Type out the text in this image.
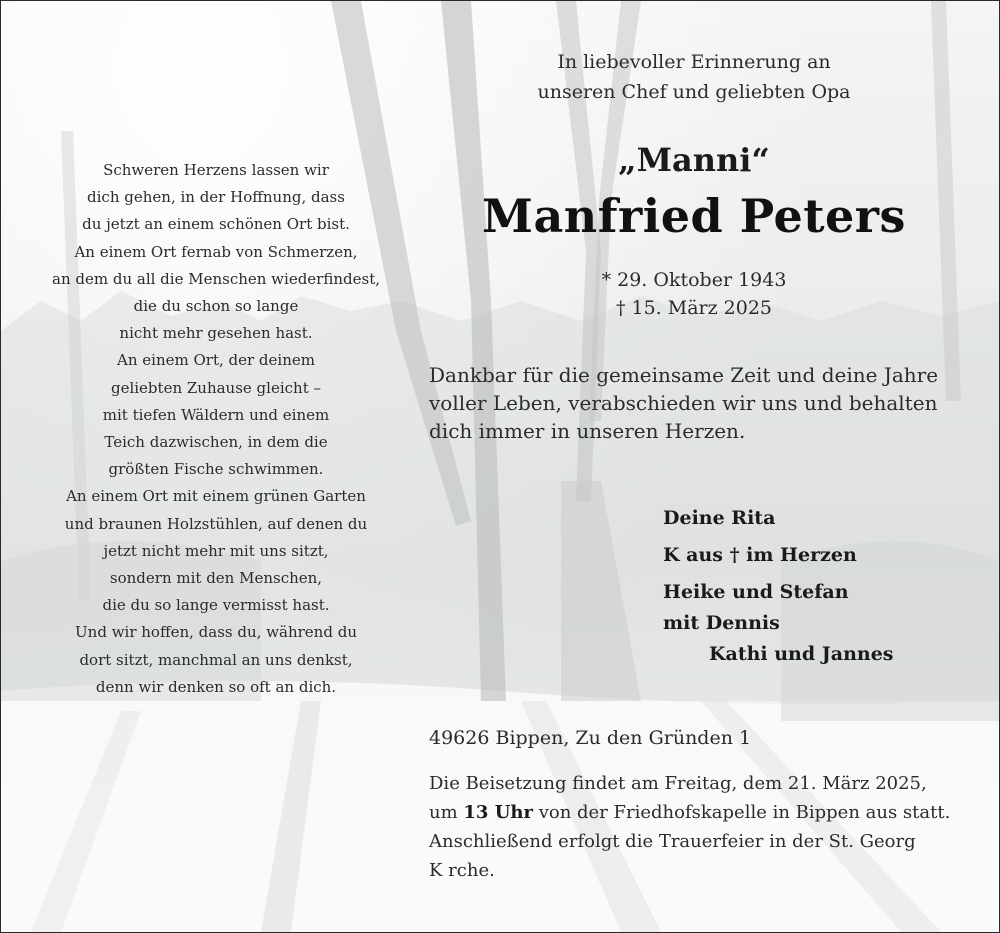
Schweren Herzens lassen wir
dich gehen, in der Hoffnung, dass
du jetzt an einem schönen Ort bist.
An einem Ort fernab von Schmerzen,
an dem du all die Menschen wiederfindest,
die du schon so lange
nicht mehr gesehen hast.
An einem Ort, der deinem
geliebten Zuhause gleicht –
mit tiefen Wäldern und einem
Teich dazwischen, in dem die
größten Fische schwimmen.
An einem Ort mit einem grünen Garten
und braunen Holzstühlen, auf denen du
jetzt nicht mehr mit uns sitzt,
sondern mit den Menschen,
die du so lange vermisst hast.
Und wir hoffen, dass du, während du
dort sitzt, manchmal an uns denkst,
denn wir denken so oft an dich.
In liebevoller Erinnerung an
unseren Chef und geliebten Opa
„Manni“
Manfried Peters
* 29. Oktober 1943
† 15. März 2025
Dankbar für die gemeinsame Zeit und deine Jahre
voller Leben, verabschieden wir uns und behalten
dich immer in unseren Herzen.
Deine Rita
K aus † im Herzen
Heike und Stefan
mit Dennis
Kathi und Jannes
49626 Bippen, Zu den Gründen 1
Die Beisetzung findet am Freitag, dem 21. März 2025,
um 13 Uhr von der Friedhofskapelle in Bippen aus statt.
Anschließend erfolgt die Trauerfeier in der St. Georg
K rche.
